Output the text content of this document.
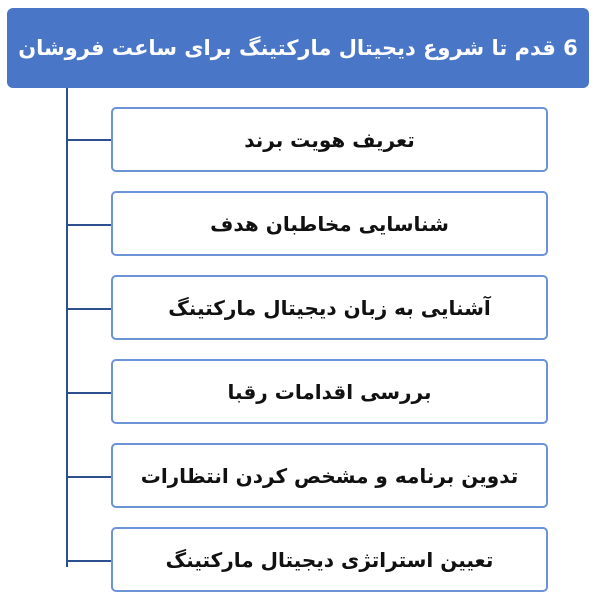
6 قدم تا شروع دیجیتال مارکتینگ برای ساعت فروشان
تعریف هویت برند
شناسایی مخاطبان هدف
آشنایی به زبان دیجیتال مارکتینگ
بررسی اقدامات رقبا
تدوین برنامه و مشخص کردن انتظارات
تعیین استراتژی دیجیتال مارکتینگ
